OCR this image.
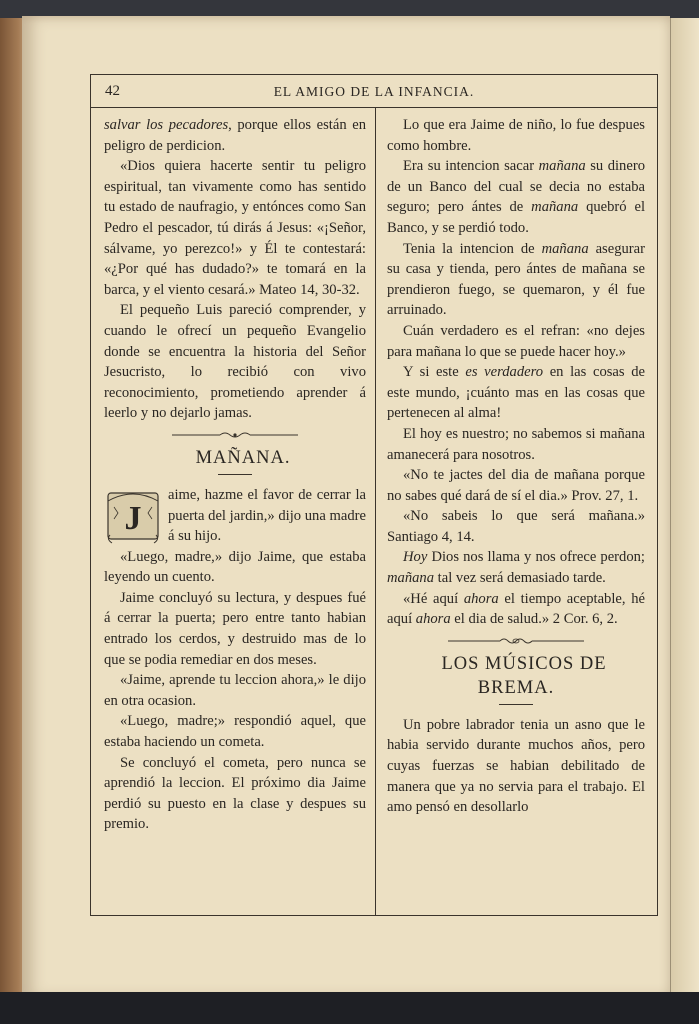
42	EL AMIGO DE LA INFANCIA.

salvar los pecadores, porque ellos están en peligro de perdicion.

«Dios quiera hacerte sentir tu peligro espiritual, tan vivamente como has sentido tu estado de naufragio, y entónces como San Pedro el pescador, tú dirás á Jesus: «¡Señor, sálvame, yo perezco!» y Él te contestará: «¿Por qué has dudado?» te tomará en la barca, y el viento cesará.» Mateo 14, 30-32.

El pequeño Luis pareció comprender, y cuando le ofrecí un pequeño Evangelio donde se encuentra la historia del Señor Jesucristo, lo recibió con vivo reconocimiento, prometiendo aprender á leerlo y no dejarlo jamas.

MAÑANA.

J
aime, hazme el favor de cerrar la puerta del jardin,» dijo una madre á su hijo.

«Luego, madre,» dijo Jaime, que estaba leyendo un cuento.

Jaime concluyó su lectura, y despues fué á cerrar la puerta; pero entre tanto habian entrado los cerdos, y destruido mas de lo que se podia remediar en dos meses.

«Jaime, aprende tu leccion ahora,» le dijo en otra ocasion.

«Luego, madre;» respondió aquel, que estaba haciendo un cometa.

Se concluyó el cometa, pero nunca se aprendió la leccion. El próximo dia Jaime perdió su puesto en la clase y despues su premio.

Lo que era Jaime de niño, lo fue despues como hombre.

Era su intencion sacar mañana su dinero de un Banco del cual se decia no estaba seguro; pero ántes de mañana quebró el Banco, y se perdió todo.

Tenia la intencion de mañana asegurar su casa y tienda, pero ántes de mañana se prendieron fuego, se quemaron, y él fue arruinado.

Cuán verdadero es el refran: «no dejes para mañana lo que se puede hacer hoy.»

Y si este es verdadero en las cosas de este mundo, ¡cuánto mas en las cosas que pertenecen al alma!

El hoy es nuestro; no sabemos si mañana amanecerá para nosotros.

«No te jactes del dia de mañana porque no sabes qué dará de sí el dia.» Prov. 27, 1.

«No sabeis lo que será mañana.» Santiago 4, 14.

Hoy Dios nos llama y nos ofrece perdon; mañana tal vez será demasiado tarde.

«Hé aquí ahora el tiempo aceptable, hé aquí ahora el dia de salud.» 2 Cor. 6, 2.

LOS MÚSICOS DE BREMA.

Un pobre labrador tenia un asno que le habia servido durante muchos años, pero cuyas fuerzas se habian debilitado de manera que ya no servia para el trabajo. El amo pensó en desollarlo
